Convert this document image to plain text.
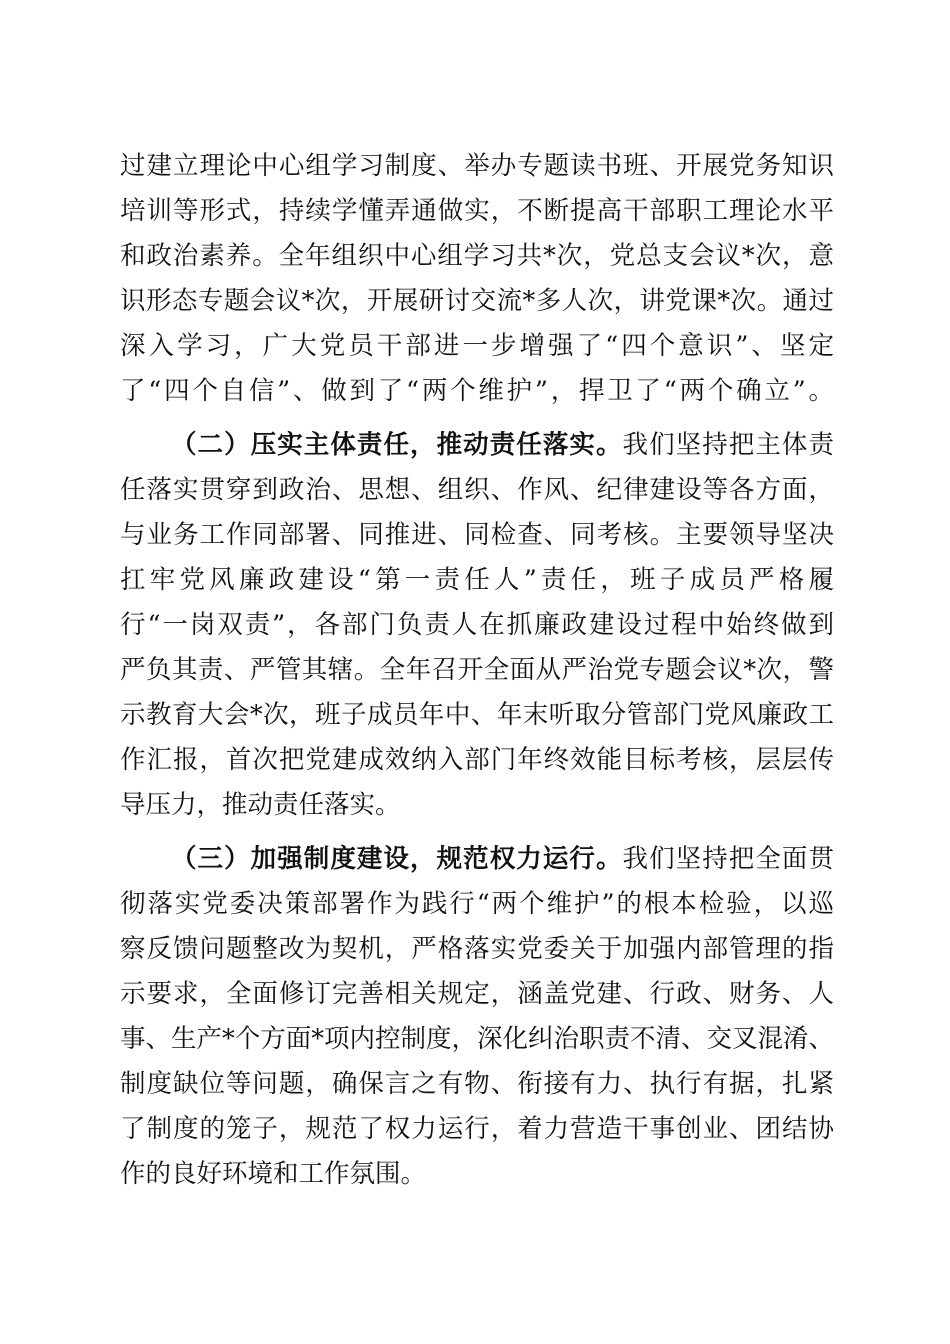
过建立理论中心组学习制度、举办专题读书班、开展党务知识
培训等形式，持续学懂弄通做实，不断提高干部职工理论水平
和政治素养。全年组织中心组学习共*次，党总支会议*次，意
识形态专题会议*次，开展研讨交流*多人次，讲党课*次。通过
深入学习，广大党员干部进一步增强了“四个意识”、坚定
了“四个自信”、做到了“两个维护”，捍卫了“两个确立”。
（二）压实主体责任，推动责任落实。我们坚持把主体责
任落实贯穿到政治、思想、组织、作风、纪律建设等各方面，
与业务工作同部署、同推进、同检查、同考核。主要领导坚决
扛牢党风廉政建设“第一责任人”责任，班子成员严格履
行“一岗双责”，各部门负责人在抓廉政建设过程中始终做到
严负其责、严管其辖。全年召开全面从严治党专题会议*次，警
示教育大会*次，班子成员年中、年末听取分管部门党风廉政工
作汇报，首次把党建成效纳入部门年终效能目标考核，层层传
导压力，推动责任落实。
（三）加强制度建设，规范权力运行。我们坚持把全面贯
彻落实党委决策部署作为践行“两个维护”的根本检验，以巡
察反馈问题整改为契机，严格落实党委关于加强内部管理的指
示要求，全面修订完善相关规定，涵盖党建、行政、财务、人
事、生产*个方面*项内控制度，深化纠治职责不清、交叉混淆、
制度缺位等问题，确保言之有物、衔接有力、执行有据，扎紧
了制度的笼子，规范了权力运行，着力营造干事创业、团结协
作的良好环境和工作氛围。
